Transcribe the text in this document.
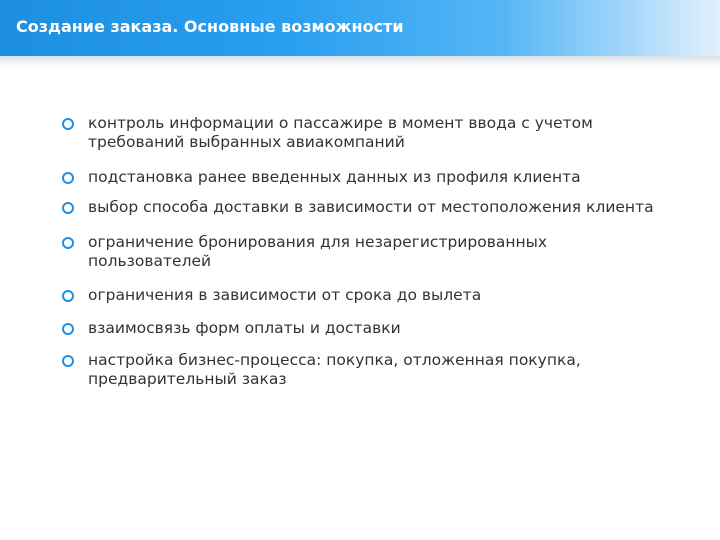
Создание заказа. Основные возможности
контроль информации о пассажире в момент ввода с учетом требований выбранных авиакомпаний
подстановка ранее введенных данных из профиля клиента
выбор способа доставки в зависимости от местоположения клиента
ограничение бронирования для незарегистрированных пользователей
ограничения в зависимости от срока до вылета
взаимосвязь форм оплаты и доставки
настройка бизнес-процесса: покупка, отложенная покупка, предварительный заказ
